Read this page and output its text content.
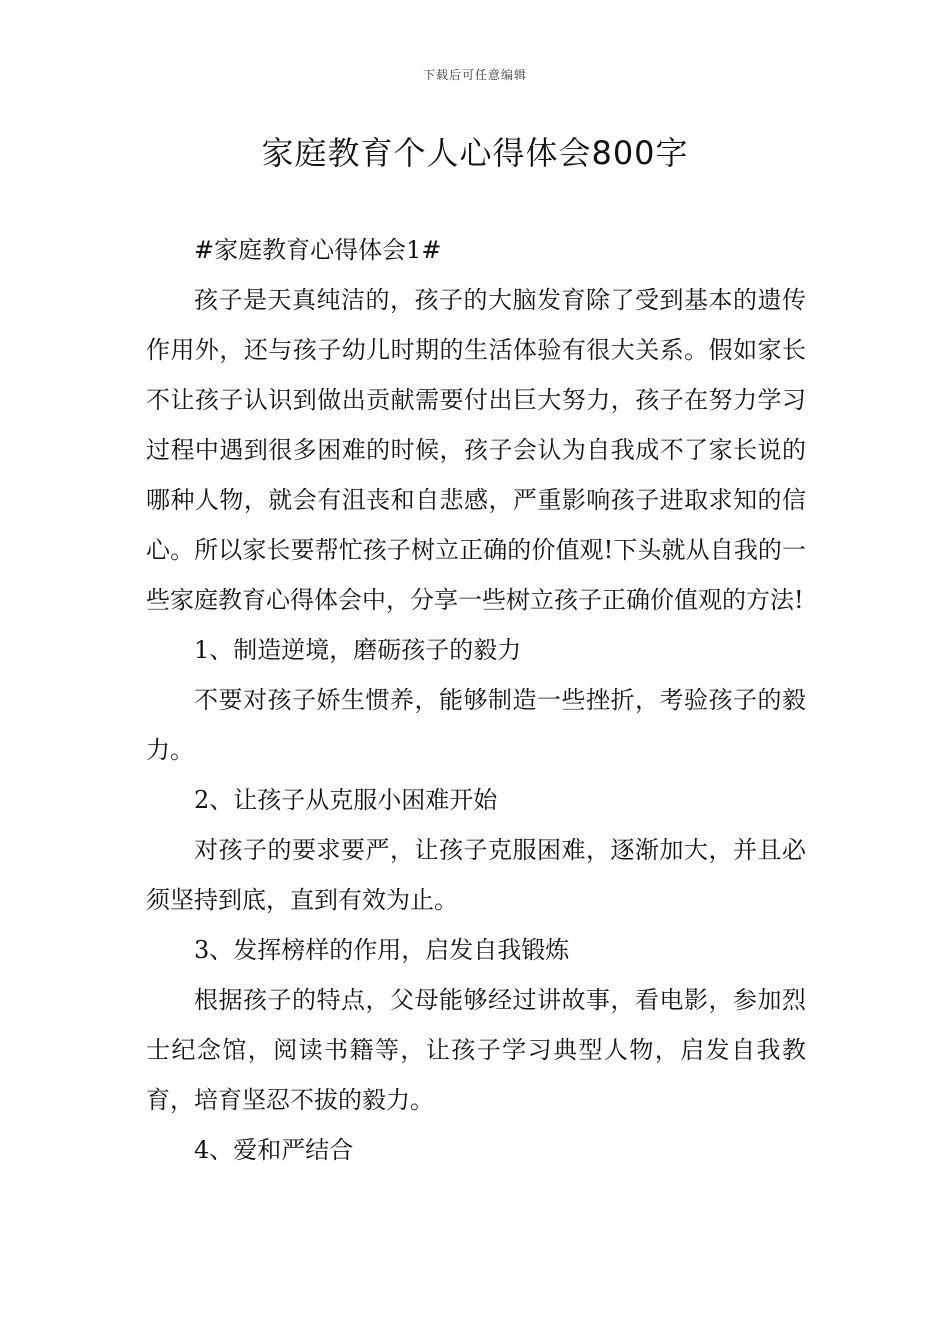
下载后可任意编辑
家庭教育个人心得体会800字

#家庭教育心得体会1#

孩子是天真纯洁的，孩子的大脑发育除了受到基本的遗传作用外，还与孩子幼儿时期的生活体验有很大关系。假如家长不让孩子认识到做出贡献需要付出巨大努力，孩子在努力学习过程中遇到很多困难的时候，孩子会认为自我成不了家长说的哪种人物，就会有沮丧和自悲感，严重影响孩子进取求知的信心。所以家长要帮忙孩子树立正确的价值观!下头就从自我的一些家庭教育心得体会中，分享一些树立孩子正确价值观的方法!

1、制造逆境，磨砺孩子的毅力

不要对孩子娇生惯养，能够制造一些挫折，考验孩子的毅力。

2、让孩子从克服小困难开始

对孩子的要求要严，让孩子克服困难，逐渐加大，并且必须坚持到底，直到有效为止。

3、发挥榜样的作用，启发自我锻炼

根据孩子的特点，父母能够经过讲故事，看电影，参加烈士纪念馆，阅读书籍等，让孩子学习典型人物，启发自我教育，培育坚忍不拔的毅力。

4、爱和严结合
